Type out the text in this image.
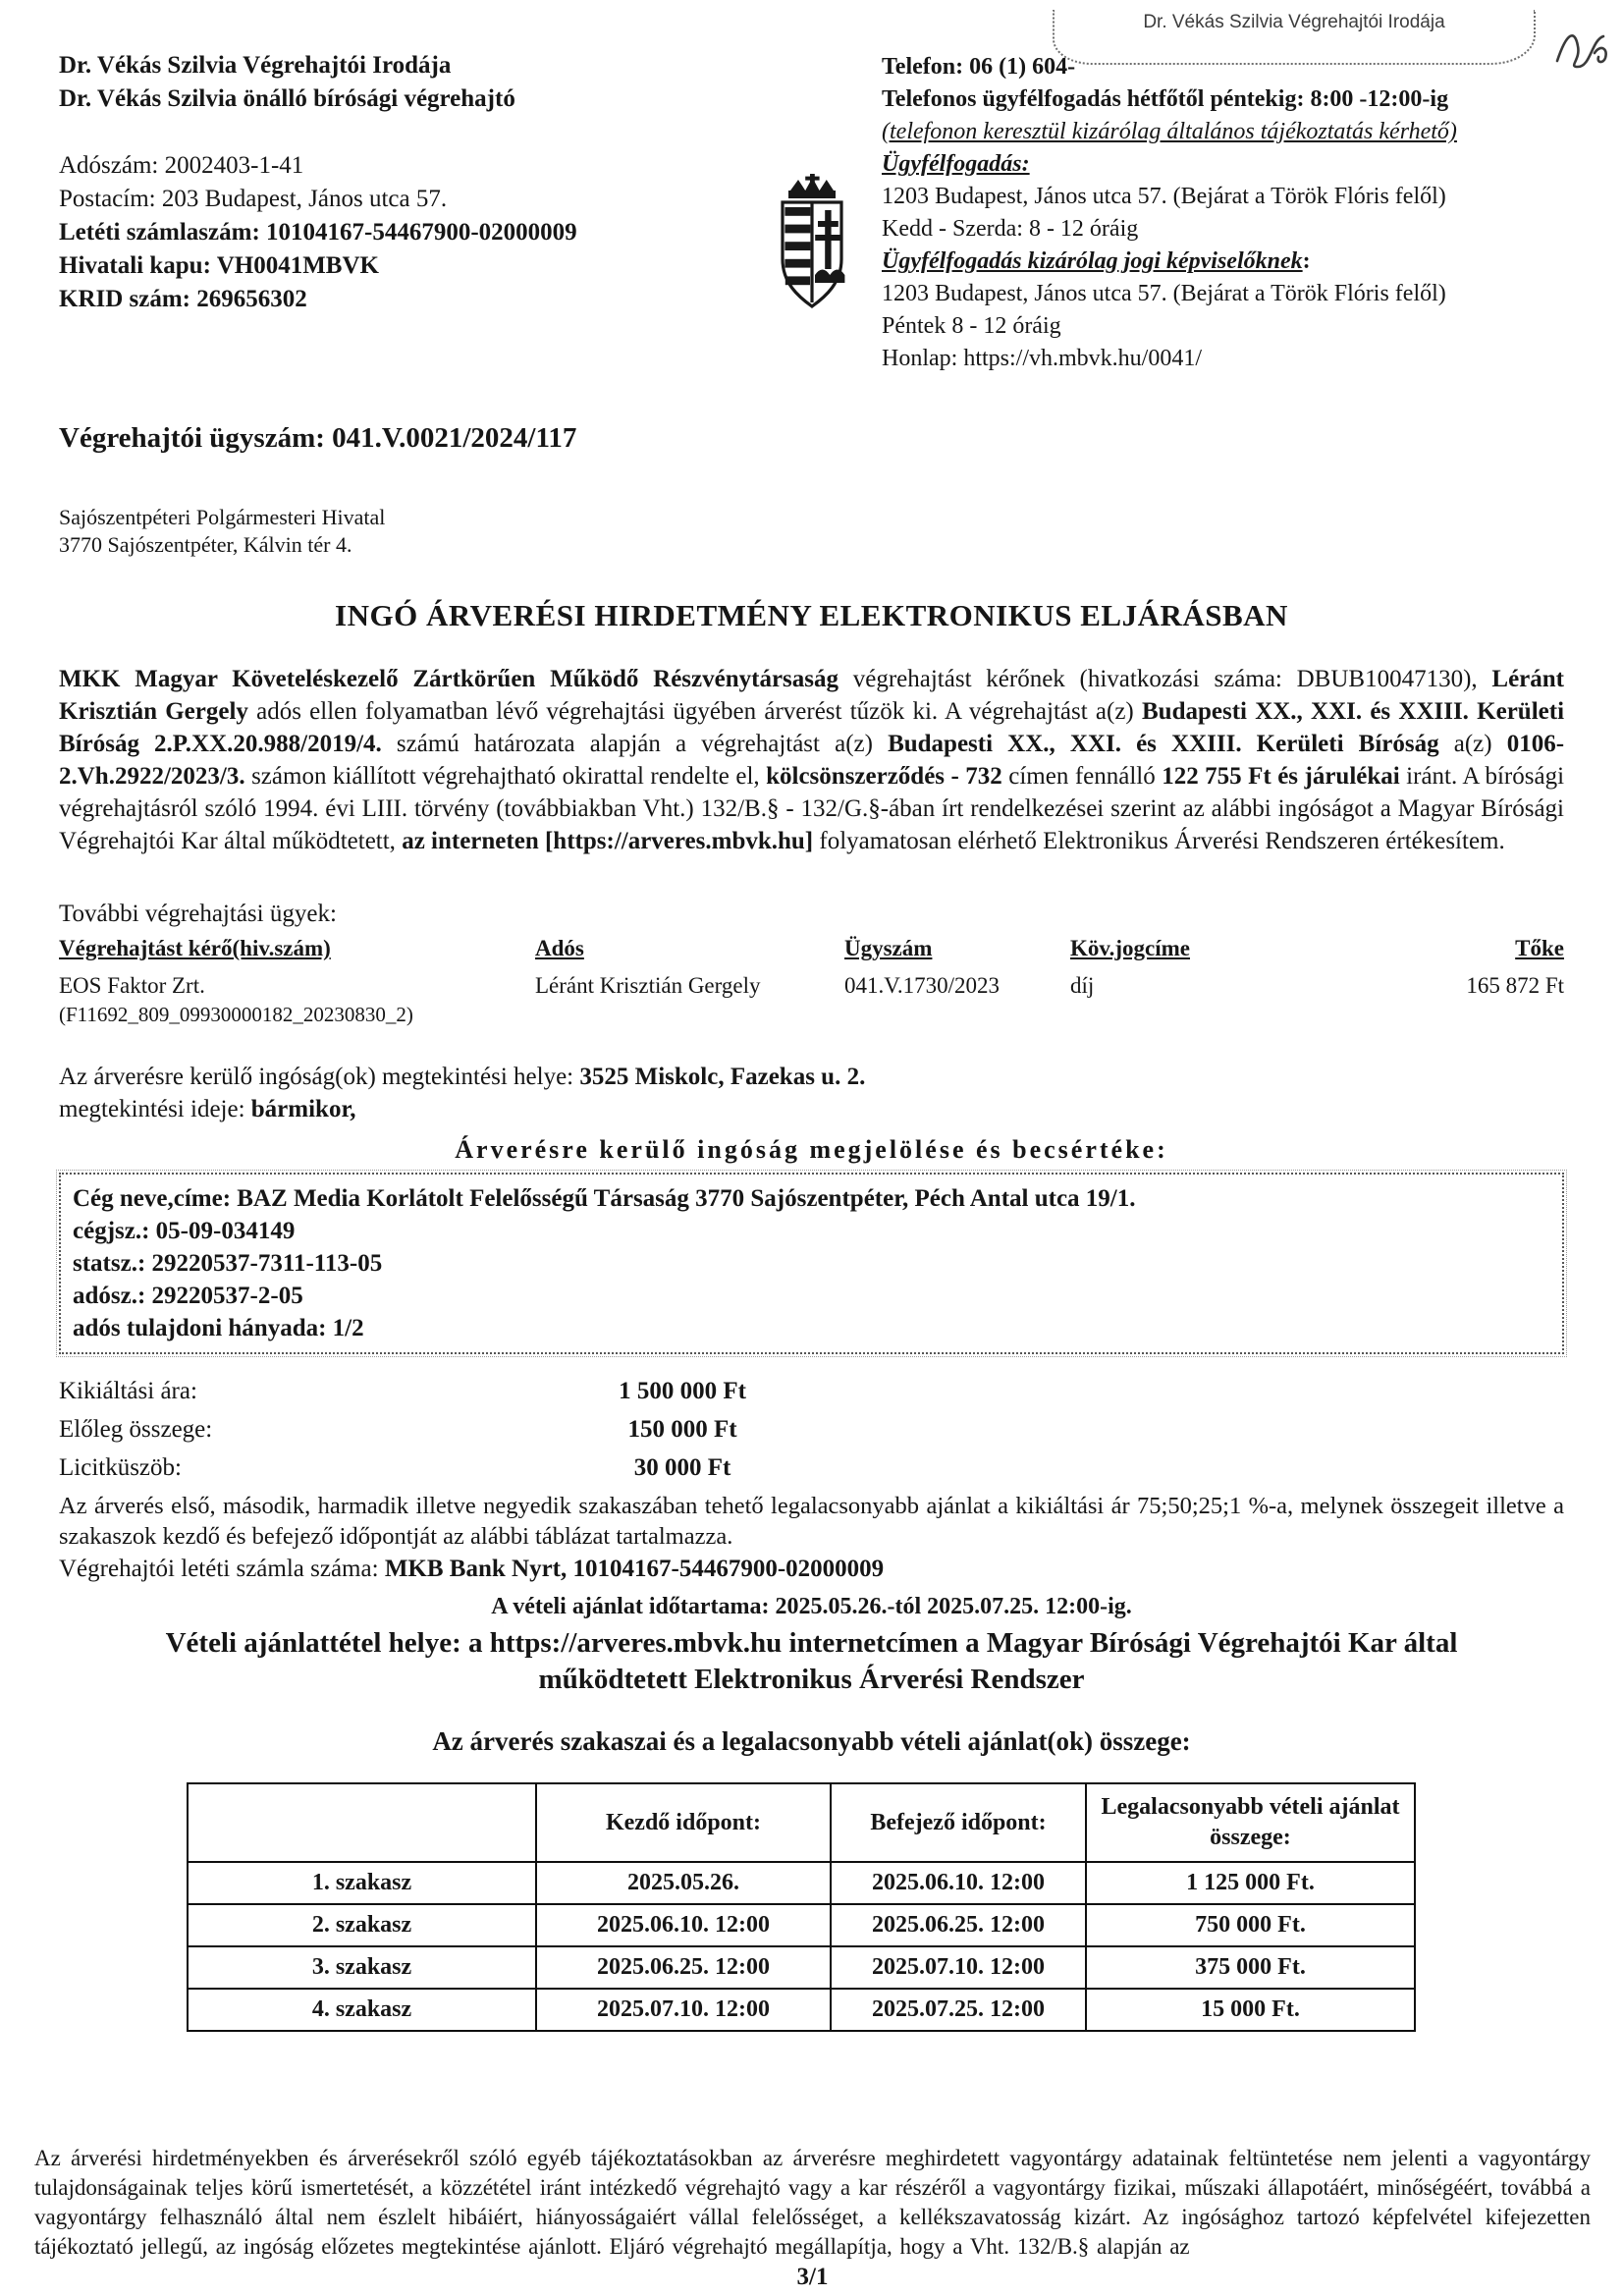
Dr. Vékás Szilvia Végrehajtói Irodája
Dr. Vékás Szilvia önálló bírósági végrehajtó
Adószám: 2002403-1-41
Postacím: 203 Budapest, János utca 57.
Letéti számlaszám: 10104167-54467900-02000009
Hivatali kapu: VH0041MBVK
KRID szám: 269656302
Telefon: 06 (1) 604-
Telefonos ügyfélfogadás hétfőtől péntekig: 8:00 -12:00-ig
(telefonon keresztül kizárólag általános tájékoztatás kérhető)
Ügyfélfogadás:
1203 Budapest, János utca 57. (Bejárat a Török Flóris felől)
Kedd - Szerda: 8 - 12 óráig
Ügyfélfogadás kizárólag jogi képviselőknek:
1203 Budapest, János utca 57. (Bejárat a Török Flóris felől)
Péntek 8 - 12 óráig
Honlap: https://vh.mbvk.hu/0041/
Dr. Vékás Szilvia Végrehajtói Irodája
Végrehajtói ügyszám: 041.V.0021/2024/117
Sajószentpéteri Polgármesteri Hivatal
3770 Sajószentpéter, Kálvin tér 4.
INGÓ ÁRVERÉSI HIRDETMÉNY ELEKTRONIKUS ELJÁRÁSBAN

MKK Magyar Követeléskezelő Zártkörűen Működő Részvénytársaság végrehajtást kérőnek (hivatkozási száma: DBUB10047130), Léránt Krisztián Gergely adós ellen folyamatban lévő végrehajtási ügyében árverést tűzök ki. A végrehajtást a(z) Budapesti XX., XXI. és XXIII. Kerületi Bíróság 2.P.XX.20.988/2019/4. számú határozata alapján a végrehajtást a(z) Budapesti XX., XXI. és XXIII. Kerületi Bíróság a(z) 0106-2.Vh.2922/2023/3. számon kiállított végrehajtható okirattal rendelte el, kölcsönszerződés - 732 címen fennálló 122 755 Ft és járulékai iránt. A bírósági végrehajtásról szóló 1994. évi LIII. törvény (továbbiakban Vht.) 132/B.§ - 132/G.§-ában írt rendelkezései szerint az alábbi ingóságot a Magyar Bírósági Végrehajtói Kar által működtetett, az interneten [https://arveres.mbvk.hu] folyamatosan elérhető Elektronikus Árverési Rendszeren értékesítem.

További végrehajtási ügyek:
Végrehajtást kérő(hiv.szám)	Adós	Ügyszám	Köv.jogcíme	Tőke
EOS Faktor Zrt.
(F11692_809_09930000182_20230830_2)
Léránt Krisztián Gergely	041.V.1730/2023	díj	165 872 Ft
Az árverésre kerülő ingóság(ok) megtekintési helye: 3525 Miskolc, Fazekas u. 2.
megtekintési ideje: bármikor,
Árverésre kerülő ingóság megjelölése és becsértéke:
Cég neve,címe: BAZ Media Korlátolt Felelősségű Társaság 3770 Sajószentpéter, Péch Antal utca 19/1.
cégjsz.: 05-09-034149
statsz.: 29220537-7311-113-05
adósz.: 29220537-2-05
adós tulajdoni hányada: 1/2
Kikiáltási ára:	1 500 000 Ft
Előleg összege:	150 000 Ft
Licitküszöb:	30 000 Ft
Az árverés első, második, harmadik illetve negyedik szakaszában tehető legalacsonyabb ajánlat a kikiáltási ár 75;50;25;1 %-a, melynek összegeit illetve a szakaszok kezdő és befejező időpontját az alábbi táblázat tartalmazza.
Végrehajtói letéti számla száma: MKB Bank Nyrt, 10104167-54467900-02000009
A vételi ajánlat időtartama: 2025.05.26.-tól 2025.07.25. 12:00-ig.
Vételi ajánlattétel helye: a https://arveres.mbvk.hu internetcímen a Magyar Bírósági Végrehajtói Kar által működtetett Elektronikus Árverési Rendszer
Az árverés szakaszai és a legalacsonyabb vételi ajánlat(ok) összege:
	Kezdő időpont:	Befejező időpont:	Legalacsonyabb vételi ajánlat összege:
1. szakasz	2025.05.26.	2025.06.10. 12:00	1 125 000 Ft.
2. szakasz	2025.06.10. 12:00	2025.06.25. 12:00	750 000 Ft.
3. szakasz	2025.06.25. 12:00	2025.07.10. 12:00	375 000 Ft.
4. szakasz	2025.07.10. 12:00	2025.07.25. 12:00	15 000 Ft.
Az árverési hirdetményekben és árverésekről szóló egyéb tájékoztatásokban az árverésre meghirdetett vagyontárgy adatainak feltüntetése nem jelenti a vagyontárgy tulajdonságainak teljes körű ismertetését, a közzététel iránt intézkedő végrehajtó vagy a kar részéről a vagyontárgy fizikai, műszaki állapotáért, minőségéért, továbbá a vagyontárgy felhasználó által nem észlelt hibáiért, hiányosságaiért vállal felelősséget, a kellékszavatosság kizárt. Az ingósághoz tartozó képfelvétel kifejezetten tájékoztató jellegű, az ingóság előzetes megtekintése ajánlott. Eljáró végrehajtó megállapítja, hogy a Vht. 132/B.§ alapján az
3/1
